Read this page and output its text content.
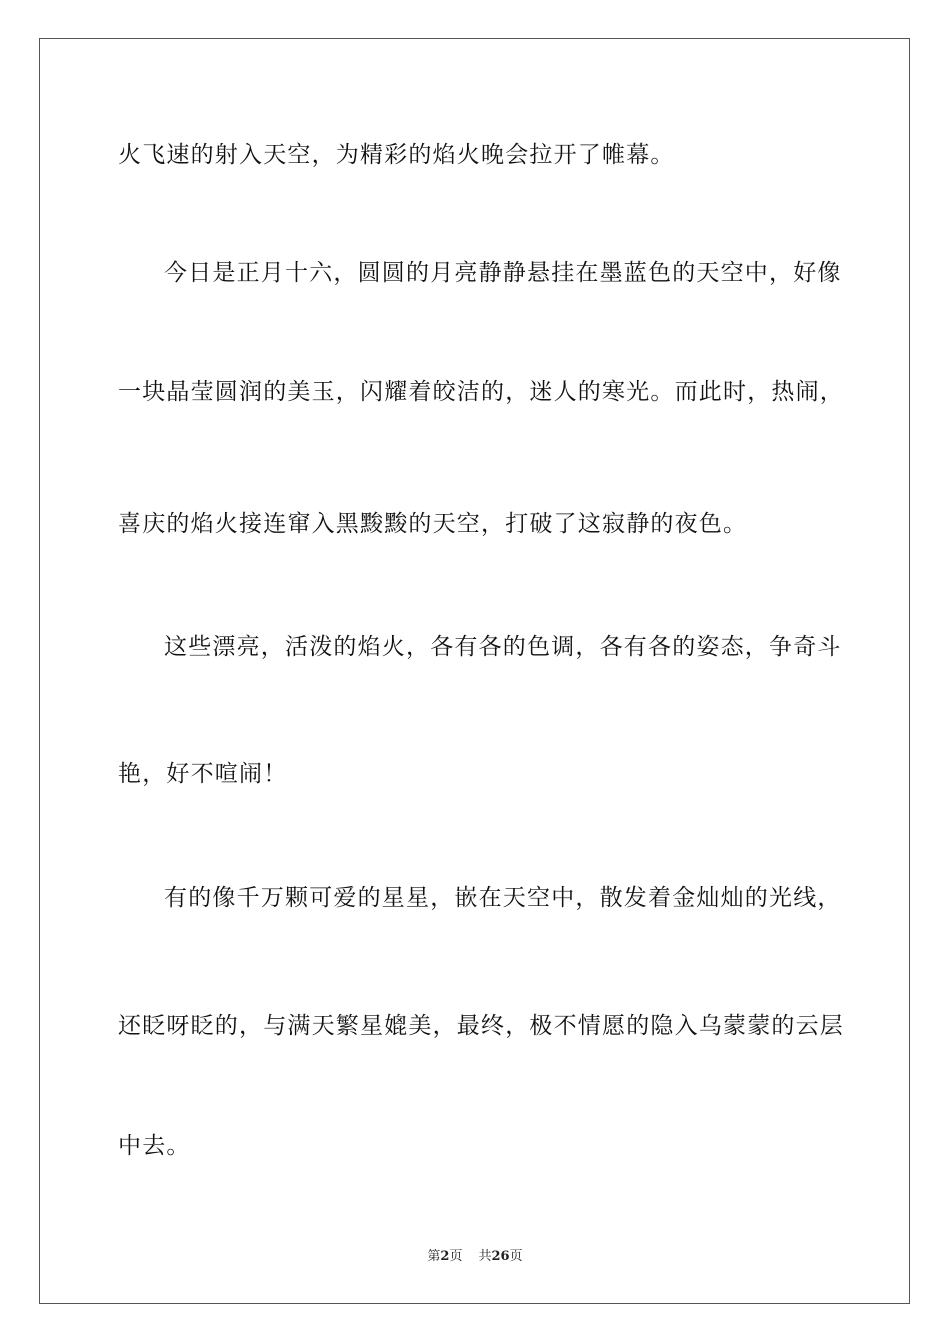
火飞速的射入天空，为精彩的焰火晚会拉开了帷幕。
今日是正月十六，圆圆的月亮静静悬挂在墨蓝色的天空中，好像
一块晶莹圆润的美玉，闪耀着皎洁的，迷人的寒光。而此时，热闹，
喜庆的焰火接连窜入黑黢黢的天空，打破了这寂静的夜色。
这些漂亮，活泼的焰火，各有各的色调，各有各的姿态，争奇斗
艳，好不喧闹！
有的像千万颗可爱的星星，嵌在天空中，散发着金灿灿的光线，
还眨呀眨的，与满天繁星媲美，最终，极不情愿的隐入乌蒙蒙的云层
中去。
第2页 共26页
